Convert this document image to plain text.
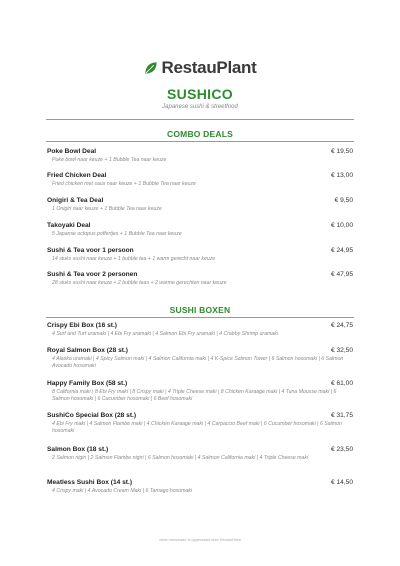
RestauPlant
SUSHICO
Japanese sushi & streetfood
COMBO DEALS
Poke Bowl Deal	€ 19,50
Poke bowl naar keuze + 1 Bubble Tea naar keuze
Fried Chicken Deal	€ 13,00
Fried chicken met saus naar keuze + 1 Bubble Tea naar keuze
Onigiri & Tea Deal	€ 9,50
1 Onigiri naar keuze + 1 Bubble Tea naar keuze
Takoyaki Deal	€ 10,00
5 Japanse octopus poffertjes + 1 Bubble Tea naar keuze
Sushi & Tea voor 1 persoon	€ 24,95
14 stuks sushi naar keuze + 1 bubble tea + 1 warm gerecht naar keuze
Sushi & Tea voor 2 personen	€ 47,95
28 stuks sushi naar keuze + 2 bubble teas + 2 warme gerechten naar keuze
SUSHI BOXEN
Crispy Ebi Box (16 st.)	€ 24,75
4 Surf and Turf uramaki | 4 Ebi Fry uramaki | 4 Salmon Ebi Fry uramaki | 4 Crabby Shrimp uramaki
Royal Salmon Box (28 st.)	€ 32,50
4 Alaska uramaki | 4 Spicy Salmon maki | 4 Salmon California maki | 4 K-Spice Salmon Tower | 6 Salmon hosomaki | 6 Salmon Avocado hosomaki
Happy Family Box (58 st.)	€ 61,00
8 California maki | 8 Ebi Fry maki | 8 Crispy maki | 4 Triple Cheese maki | 8 Chicken Karaage maki | 4 Tuna Mousse maki | 6 Salmon hosomaki | 6 Cucumber hosomaki | 6 Beef hosomaki
SushiCo Special Box (28 st.)	€ 31,75
4 Ebi Fry maki | 4 Salmon Flambe maki | 4 Chicken Karaage maki | 4 Carpaccio Beef maki | 6 Cucumber hosomaki | 6 Salmon hosomaki
Salmon Box (18 st.)	€ 23,50
2 Salmon nigiri | 2 Salmon Flambe nigiri | 6 Salmon hosomaki | 4 Salmon California maki | 4 Triple Cheese maki
Meatless Sushi Box (14 st.)	€ 14,50
4 Crispy maki | 4 Avocado Cream Maki | 6 Tamago hosomaki
deze menukaart is opgemaakt door RestauPlant
